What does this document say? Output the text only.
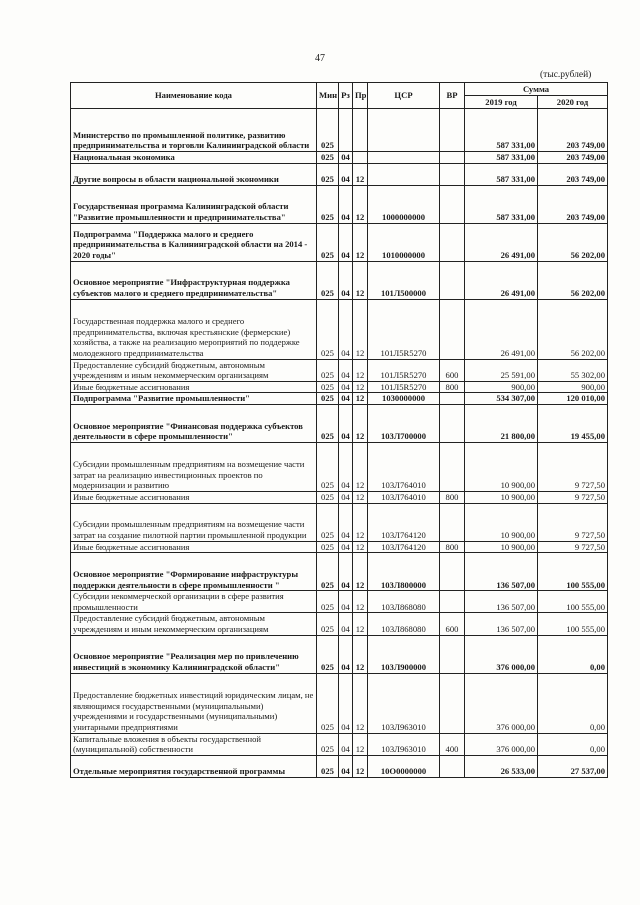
47
(тыс.рублей)
Наименование кода	Мин	Рз	Пр	ЦСР	ВР	Сумма	
						2019 год	2020 год
Министерство по промышленной политике, развитию предпринимательства и торговли Калининградской области	025					587 331,00	203 749,00
Национальная экономика	025	04				587 331,00	203 749,00
Другие вопросы в области национальной экономики	025	04	12			587 331,00	203 749,00
Государственная программа Калининградской области "Развитие промышленности и предпринимательства"	025	04	12	1000000000		587 331,00	203 749,00
Подпрограмма "Поддержка малого и среднего предпринимательства в Калининградской области на 2014 - 2020 годы"	025	04	12	1010000000		26 491,00	56 202,00
Основное мероприятие "Инфраструктурная поддержка субъектов малого и среднего предпринимательства"	025	04	12	101Л500000		26 491,00	56 202,00
Государственная поддержка малого и среднего предпринимательства, включая крестьянские (фермерские) хозяйства, а также на реализацию мероприятий по поддержке молодежного предпринимательства	025	04	12	101Л5R5270		26 491,00	56 202,00
Предоставление субсидий бюджетным, автономным учреждениям и иным некоммерческим организациям	025	04	12	101Л5R5270	600	25 591,00	55 302,00
Иные бюджетные ассигнования	025	04	12	101Л5R5270	800	900,00	900,00
Подпрограмма "Развитие промышленности"	025	04	12	1030000000		534 307,00	120 010,00
Основное мероприятие "Финансовая поддержка субъектов деятельности в сфере промышленности"	025	04	12	103Л700000		21 800,00	19 455,00
Субсидии промышленным предприятиям на возмещение части затрат на реализацию инвестиционных проектов по модернизации и развитию	025	04	12	103Л764010		10 900,00	9 727,50
Иные бюджетные ассигнования	025	04	12	103Л764010	800	10 900,00	9 727,50
Субсидии промышленным предприятиям на возмещение части затрат на создание пилотной партии промышленной продукции	025	04	12	103Л764120		10 900,00	9 727,50
Иные бюджетные ассигнования	025	04	12	103Л764120	800	10 900,00	9 727,50
Основное мероприятие "Формирование инфраструктуры поддержки деятельности в сфере промышленности "	025	04	12	103Л800000		136 507,00	100 555,00
Субсидии некоммерческой организации в сфере развития промышленности	025	04	12	103Л868080		136 507,00	100 555,00
Предоставление субсидий бюджетным, автономным учреждениям и иным некоммерческим организациям	025	04	12	103Л868080	600	136 507,00	100 555,00
Основное мероприятие "Реализация мер по привлечению инвестиций в экономику Калининградской области"	025	04	12	103Л900000		376 000,00	0,00
Предоставление бюджетных инвестиций юридическим лицам, не являющимся государственными (муниципальными) учреждениями и государственными (муниципальными) унитарными предприятиями	025	04	12	103Л963010		376 000,00	0,00
Капитальные вложения в объекты государственной (муниципальной) собственности	025	04	12	103Л963010	400	376 000,00	0,00
Отдельные мероприятия государственной программы	025	04	12	10О0000000		26 533,00	27 537,00
